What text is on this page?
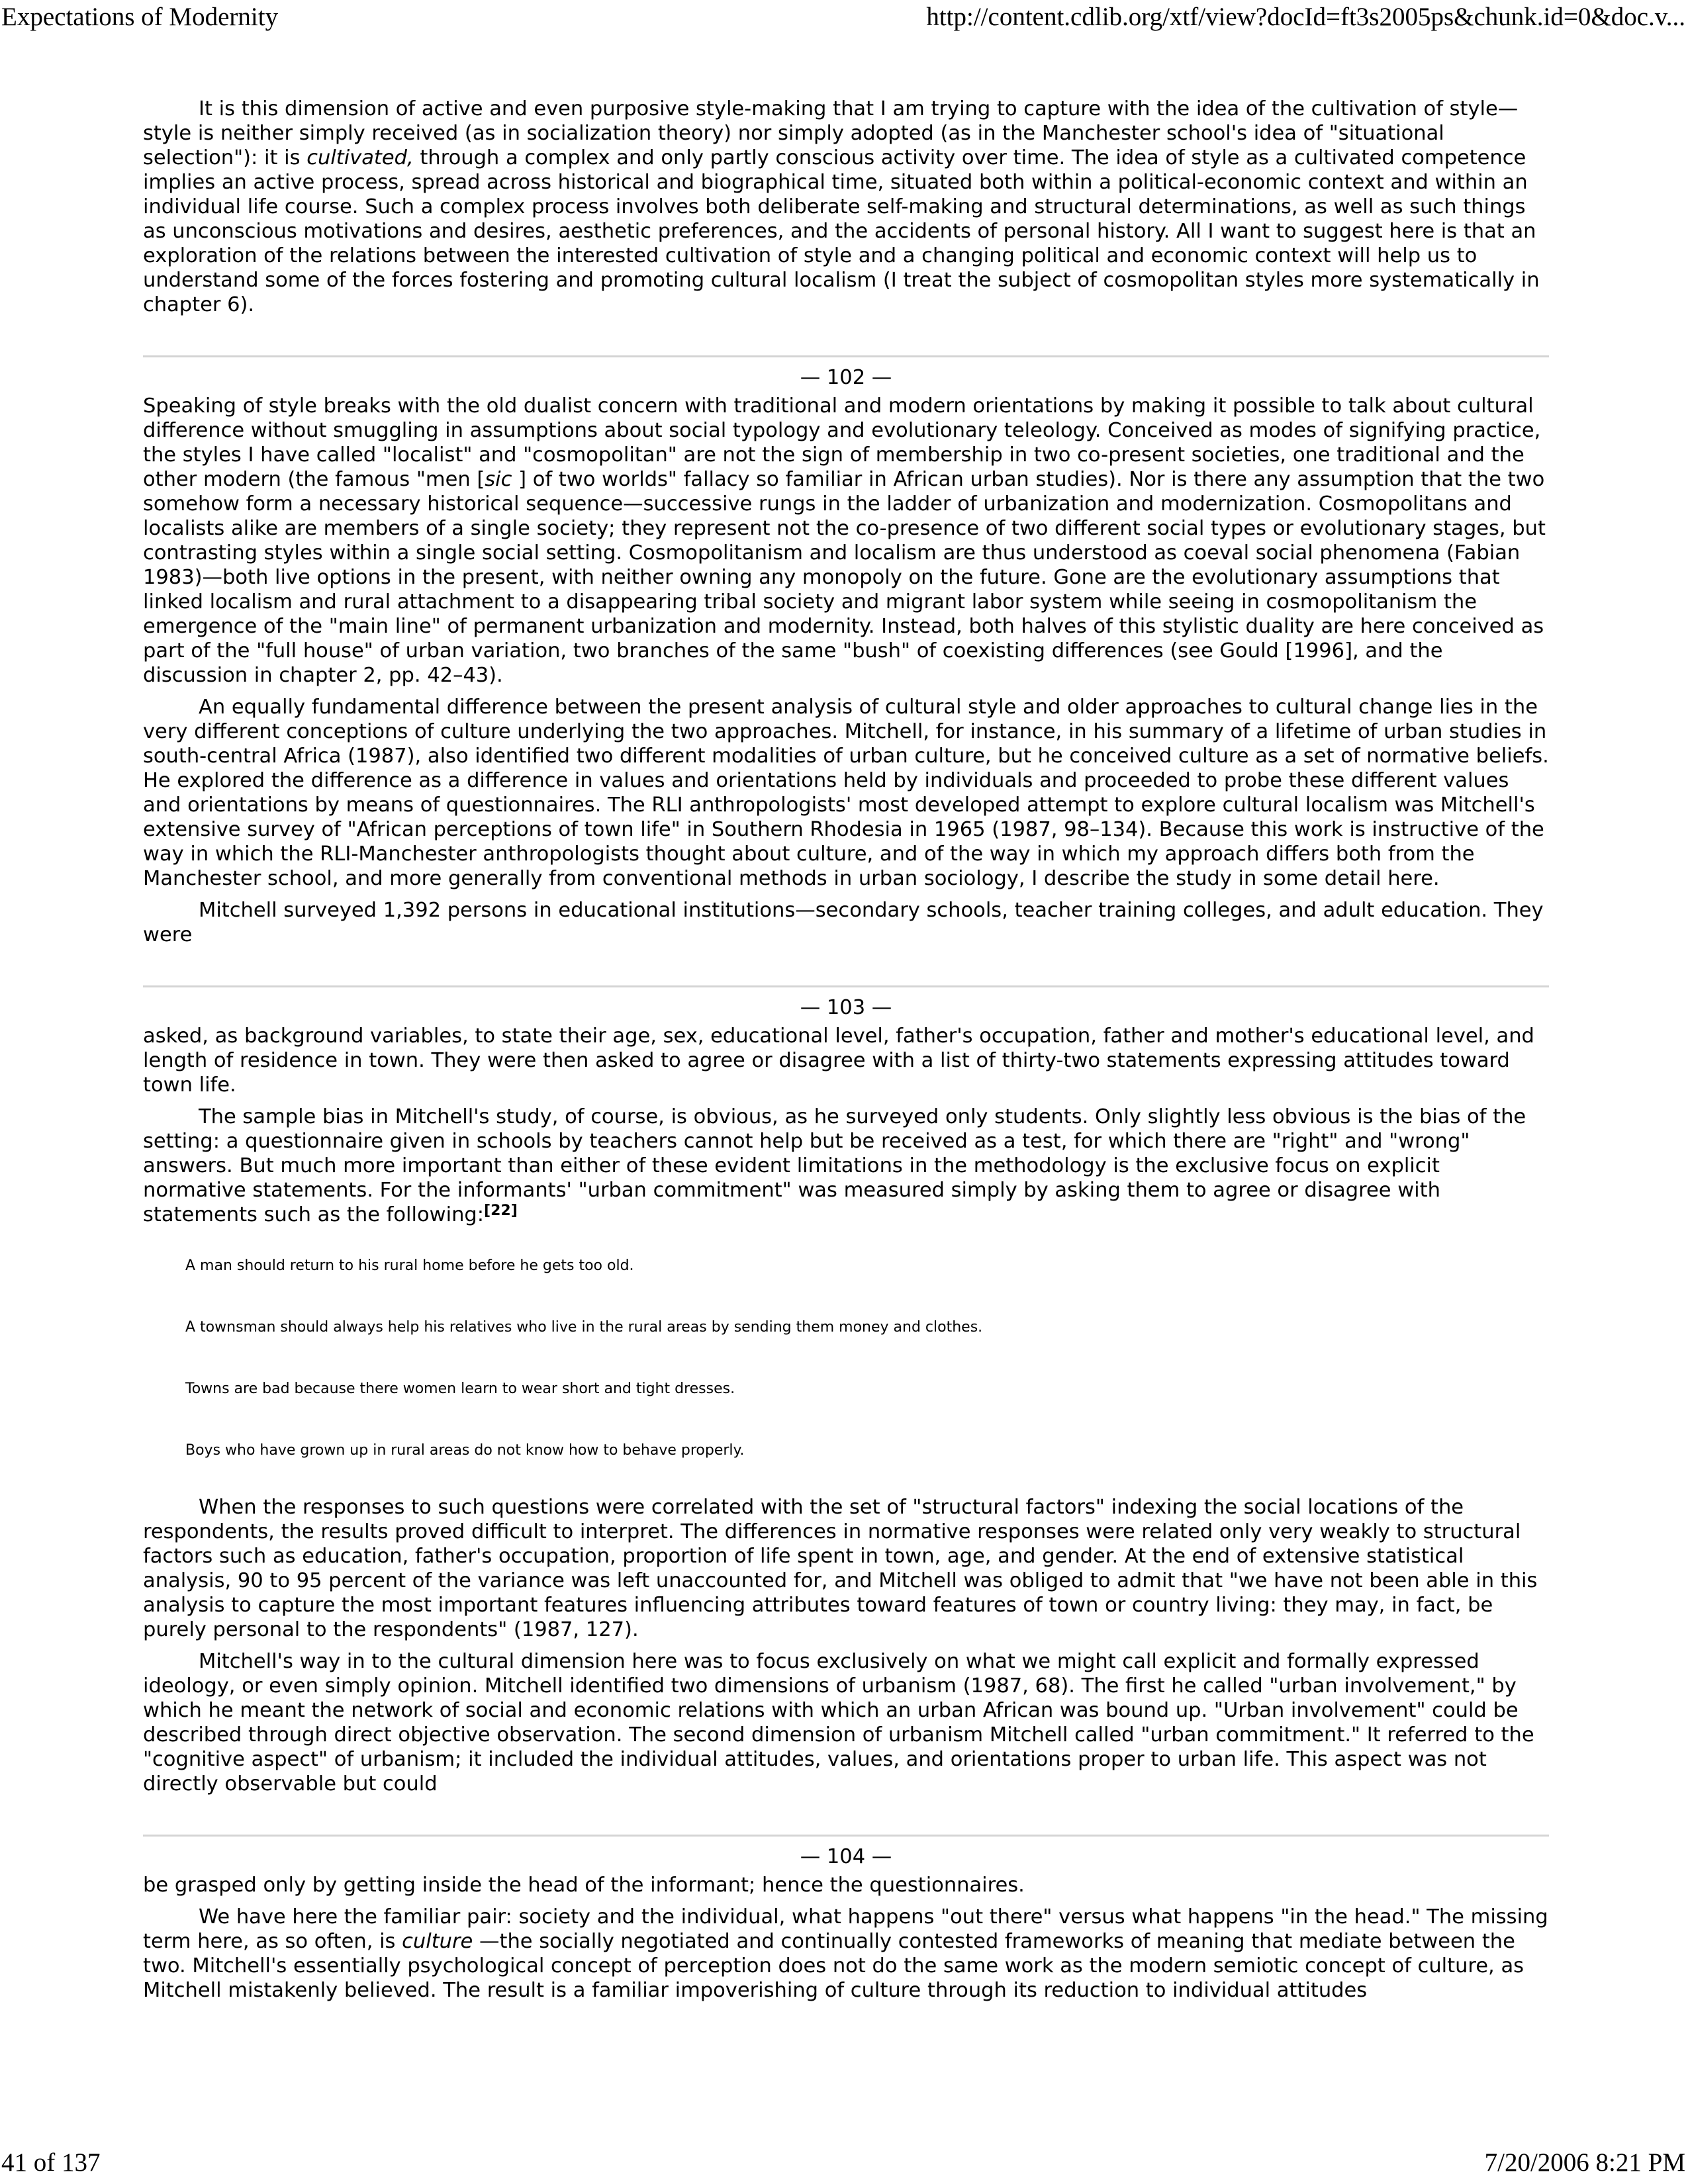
Expectations of Modernity	http://content.cdlib.org/xtf/view?docId=ft3s2005ps&chunk.id=0&doc.v...

It is this dimension of active and even purposive style-making that I am trying to capture with the idea of the cultivation of style—style is neither simply received (as in socialization theory) nor simply adopted (as in the Manchester school's idea of "situational selection"): it is cultivated, through a complex and only partly conscious activity over time. The idea of style as a cultivated competence implies an active process, spread across historical and biographical time, situated both within a political-economic context and within an individual life course. Such a complex process involves both deliberate self-making and structural determinations, as well as such things as unconscious motivations and desires, aesthetic preferences, and the accidents of personal history. All I want to suggest here is that an exploration of the relations between the interested cultivation of style and a changing political and economic context will help us to understand some of the forces fostering and promoting cultural localism (I treat the subject of cosmopolitan styles more systematically in chapter 6).

— 102 —

Speaking of style breaks with the old dualist concern with traditional and modern orientations by making it possible to talk about cultural difference without smuggling in assumptions about social typology and evolutionary teleology. Conceived as modes of signifying practice, the styles I have called "localist" and "cosmopolitan" are not the sign of membership in two co-present societies, one traditional and the other modern (the famous "men [sic ] of two worlds" fallacy so familiar in African urban studies). Nor is there any assumption that the two somehow form a necessary historical sequence—successive rungs in the ladder of urbanization and modernization. Cosmopolitans and localists alike are members of a single society; they represent not the co-presence of two different social types or evolutionary stages, but contrasting styles within a single social setting. Cosmopolitanism and localism are thus understood as coeval social phenomena (Fabian 1983)—both live options in the present, with neither owning any monopoly on the future. Gone are the evolutionary assumptions that linked localism and rural attachment to a disappearing tribal society and migrant labor system while seeing in cosmopolitanism the emergence of the "main line" of permanent urbanization and modernity. Instead, both halves of this stylistic duality are here conceived as part of the "full house" of urban variation, two branches of the same "bush" of coexisting differences (see Gould [1996], and the discussion in chapter 2, pp. 42–43).

An equally fundamental difference between the present analysis of cultural style and older approaches to cultural change lies in the very different conceptions of culture underlying the two approaches. Mitchell, for instance, in his summary of a lifetime of urban studies in south-central Africa (1987), also identified two different modalities of urban culture, but he conceived culture as a set of normative beliefs. He explored the difference as a difference in values and orientations held by individuals and proceeded to probe these different values and orientations by means of questionnaires. The RLI anthropologists' most developed attempt to explore cultural localism was Mitchell's extensive survey of "African perceptions of town life" in Southern Rhodesia in 1965 (1987, 98–134). Because this work is instructive of the way in which the RLI-Manchester anthropologists thought about culture, and of the way in which my approach differs both from the Manchester school, and more generally from conventional methods in urban sociology, I describe the study in some detail here.

Mitchell surveyed 1,392 persons in educational institutions—secondary schools, teacher training colleges, and adult education. They were

— 103 —

asked, as background variables, to state their age, sex, educational level, father's occupation, father and mother's educational level, and length of residence in town. They were then asked to agree or disagree with a list of thirty-two statements expressing attitudes toward town life.

The sample bias in Mitchell's study, of course, is obvious, as he surveyed only students. Only slightly less obvious is the bias of the setting: a questionnaire given in schools by teachers cannot help but be received as a test, for which there are "right" and "wrong" answers. But much more important than either of these evident limitations in the methodology is the exclusive focus on explicit normative statements. For the informants' "urban commitment" was measured simply by asking them to agree or disagree with statements such as the following:[22]

A man should return to his rural home before he gets too old.
A townsman should always help his relatives who live in the rural areas by sending them money and clothes.
Towns are bad because there women learn to wear short and tight dresses.
Boys who have grown up in rural areas do not know how to behave properly.

When the responses to such questions were correlated with the set of "structural factors" indexing the social locations of the respondents, the results proved difficult to interpret. The differences in normative responses were related only very weakly to structural factors such as education, father's occupation, proportion of life spent in town, age, and gender. At the end of extensive statistical analysis, 90 to 95 percent of the variance was left unaccounted for, and Mitchell was obliged to admit that "we have not been able in this analysis to capture the most important features influencing attributes toward features of town or country living: they may, in fact, be purely personal to the respondents" (1987, 127).

Mitchell's way in to the cultural dimension here was to focus exclusively on what we might call explicit and formally expressed ideology, or even simply opinion. Mitchell identified two dimensions of urbanism (1987, 68). The first he called "urban involvement," by which he meant the network of social and economic relations with which an urban African was bound up. "Urban involvement" could be described through direct objective observation. The second dimension of urbanism Mitchell called "urban commitment." It referred to the "cognitive aspect" of urbanism; it included the individual attitudes, values, and orientations proper to urban life. This aspect was not directly observable but could

— 104 —

be grasped only by getting inside the head of the informant; hence the questionnaires.

We have here the familiar pair: society and the individual, what happens "out there" versus what happens "in the head." The missing term here, as so often, is culture —the socially negotiated and continually contested frameworks of meaning that mediate between the two. Mitchell's essentially psychological concept of perception does not do the same work as the modern semiotic concept of culture, as Mitchell mistakenly believed. The result is a familiar impoverishing of culture through its reduction to individual attitudes

41 of 137	7/20/2006 8:21 PM
